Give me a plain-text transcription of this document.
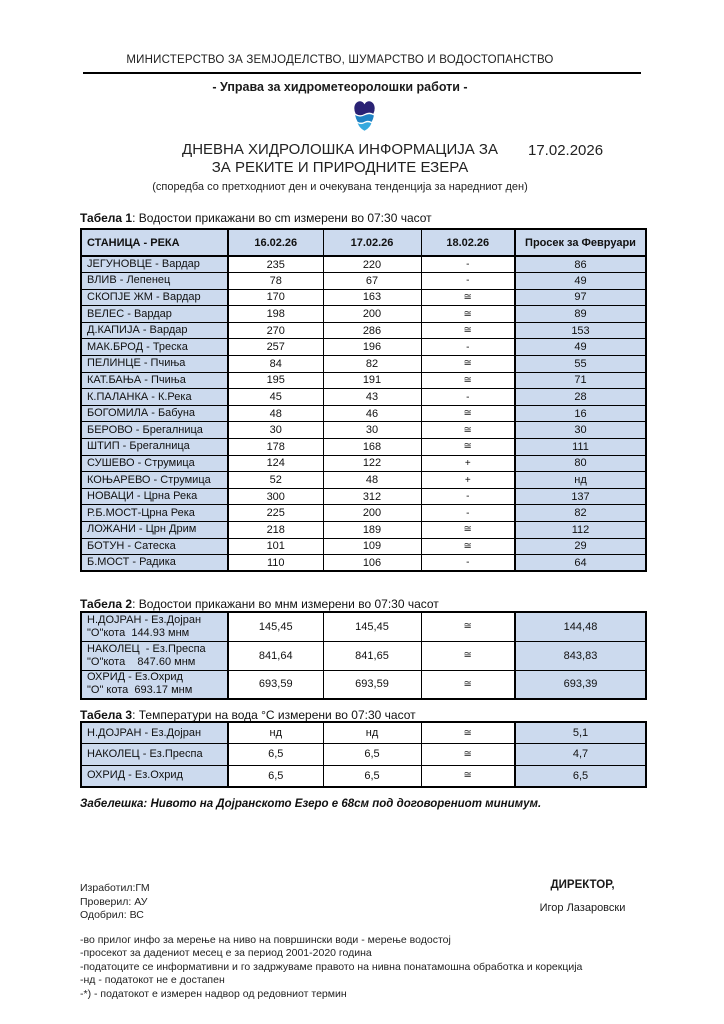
МИНИСТЕРСТВО ЗА ЗЕМЈОДЕЛСТВО, ШУМАРСТВО И ВОДОСТОПАНСТВО
- Управа за хидрометеоролошки работи -
ДНЕВНА ХИДРОЛОШКА ИНФОРМАЦИЈА ЗА
ЗА РЕКИТЕ И ПРИРОДНИТЕ ЕЗЕРА
17.02.2026
(споредба со претходниот ден и очекувана тенденција за наредниот ден)
Табела 1: Водостои прикажани во cm измерени во 07:30 часот
СТАНИЦА - РЕКА	16.02.26	17.02.26	18.02.26	Просек за Февруари

ЈЕГУНОВЦЕ - Вардар	235	220	-	86

ВЛИВ - Лепенец	78	67	-	49

СКОПЈЕ ЖМ - Вардар	170	163	≅	97

ВЕЛЕС - Вардар	198	200	≅	89

Д.КАПИЈА - Вардар	270	286	≅	153

МАК.БРОД - Треска	257	196	-	49

ПЕЛИНЦЕ - Пчиња	84	82	≅	55

КАТ.БАЊА - Пчиња	195	191	≅	71

К.ПАЛАНКА - К.Река	45	43	-	28

БОГОМИЛА - Бабуна	48	46	≅	16

БЕРОВО - Брегалница	30	30	≅	30

ШТИП - Брегалница	178	168	≅	111

СУШЕВО - Струмица	124	122	+	80

КОЊАРЕВО - Струмица	52	48	+	нд

НОВАЦИ - Црна Река	300	312	-	137

Р.Б.МОСТ-Црна Река	225	200	-	82

ЛОЖАНИ - Црн Дрим	218	189	≅	112

БОТУН - Сатеска	101	109	≅	29

Б.МОСТ - Радика	110	106	-	64
Табела 2: Водостои прикажани во мнм измерени во 07:30 часот
Н.ДОЈРАН - Ез.Дојран
"О"кота  144.93 мнм	145,45	145,45	≅	144,48

НАКОЛЕЦ  - Ез.Преспа
"О"кота    847.60 мнм	841,64	841,65	≅	843,83

ОХРИД - Ез.Охрид
"О" кота  693.17 мнм	693,59	693,59	≅	693,39
Табела 3: Температури на вода °C измерени во 07:30 часот
Н.ДОЈРАН - Ез.Дојран	нд	нд	≅	5,1

НАКОЛЕЦ - Ез.Преспа	6,5	6,5	≅	4,7

ОХРИД - Ез.Охрид	6,5	6,5	≅	6,5
Забелешка: Нивото на Дојранското Езеро е 68см под договорениот минимум.
Изработил:ГМ
Проверил: АУ
Одобрил: ВС
ДИРЕКТОР,
Игор Лазаровски
-во прилог инфо за мерење на ниво на површински води - мерење водостој
-просекот за дадениот месец е за период 2001-2020 година
-податоците се информативни и го задржуваме правото на нивна понатамошна обработка и корекција
-нд - податокот не е достапен
-*) - податокот е измерен надвор од редовниот термин
